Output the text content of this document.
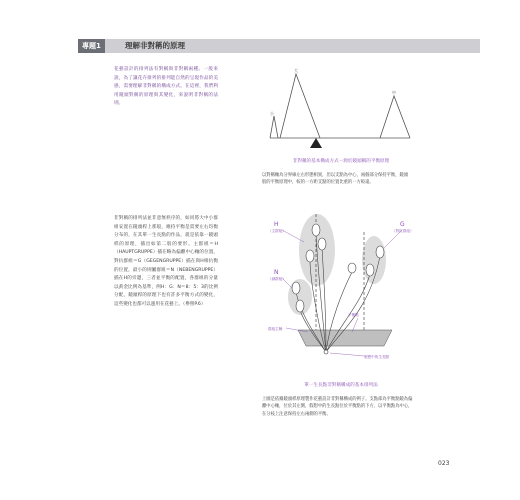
專題1	理解非對稱的原理
花藝設計的排列法有對稱與非對稱兩種。一般來說，為了讓花卉排列的排列能自然的呈現作品的美感，需要理解非對稱的構成方式。在這裡，我們利用鏡頭對稱的原理與其變化，來說明非對稱的法則。
小
大
中
非對稱的基本構成方式－源於鏡頭稱的平衡原理
以對稱軸為分界線左右形態相異，但以支點為中心，兩個部分保持平衡，鏡頭般的平衡原理中，較的一方距支點的位置比重的一方較遠。
非對稱的排列法並非意無秩序的，如同將大中小群組安置在鏡頭桿上那般，維持平衡是需要左右均衡分布的，在其單一生長點的作品，就是依靠一鏡頭桿的原理，插出如第二般的要形。主群組＝H（HAUPTGRUPPE）插在略為偏離中心軸的位置，對抗群組＝G（GEGENGRUPPE）插在與H相抗衡的位置，最小的則屬群組＝N（NEBENGRUPPE）插在H的旁邊，三者並平衡的配置，各群組的分量以黃金比例為基準，例H：G：N＝8：5：3的比例分配，鏡頭桿的原理下也有許多平衡方式的變化，這些變化也都可以運用在花藝上。（參照P.6）
H
（主群組）
G
（對抗群組）
N
（副群組）
平衡點
群組主軸
假想中的生長點
單一生長點非對稱構成的基本排列法
上圖是依據鏡頭桿原理製作花藝設計非對稱構成的例子。支點部為平衡點鏡為偏離中心軸，位於其左側，假想中的生長點位於平衡點的下方，以平衡點為中心，在分枝上注意保持左右兩側的平衡。
023
